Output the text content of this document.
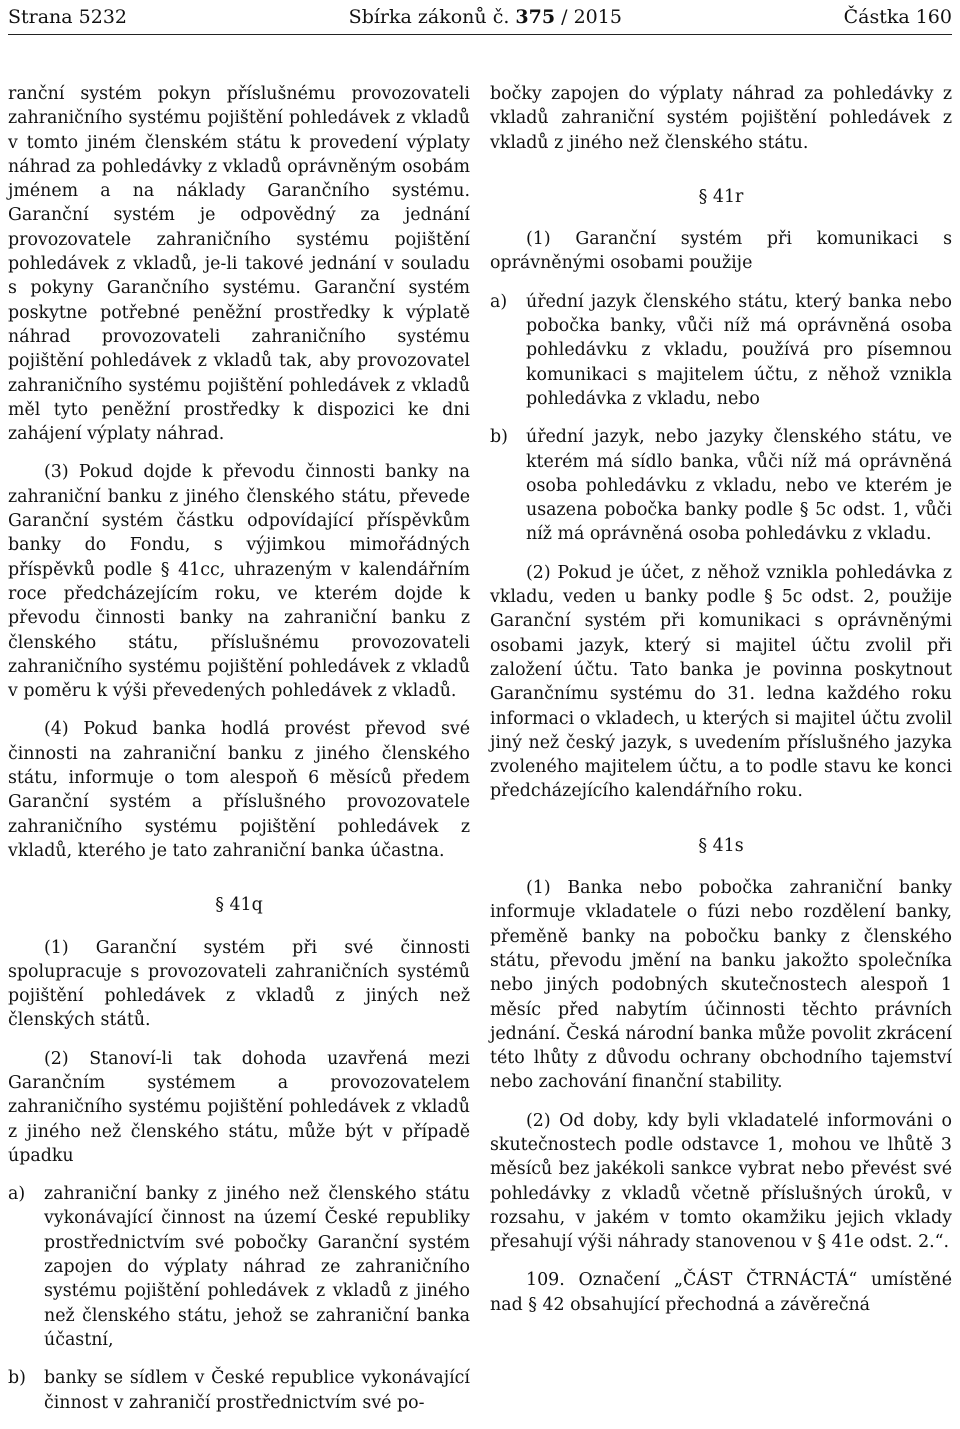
Strana 5232	Sbírka zákonů č. 375 / 2015	Částka 160

ranční systém pokyn příslušnému provozovateli zahraničního systému pojištění pohledávek z vkladů v tomto jiném členském státu k provedení výplaty náhrad za pohledávky z vkladů oprávněným osobám jménem a na náklady Garančního systému. Garanční systém je odpovědný za jednání provozovatele zahraničního systému pojištění pohledávek z vkladů, je-li takové jednání v souladu s pokyny Garančního systému. Garanční systém poskytne potřebné peněžní prostředky k výplatě náhrad provozovateli zahraničního systému pojištění pohledávek z vkladů tak, aby provozovatel zahraničního systému pojištění pohledávek z vkladů měl tyto peněžní prostředky k dispozici ke dni zahájení výplaty náhrad.

(3) Pokud dojde k převodu činnosti banky na zahraniční banku z jiného členského státu, převede Garanční systém částku odpovídající příspěvkům banky do Fondu, s výjimkou mimořádných příspěvků podle § 41cc, uhrazeným v kalendářním roce předcházejícím roku, ve kterém dojde k převodu činnosti banky na zahraniční banku z členského státu, příslušnému provozovateli zahraničního systému pojištění pohledávek z vkladů v poměru k výši převedených pohledávek z vkladů.

(4) Pokud banka hodlá provést převod své činnosti na zahraniční banku z jiného členského státu, informuje o tom alespoň 6 měsíců předem Garanční systém a příslušného provozovatele zahraničního systému pojištění pohledávek z vkladů, kterého je tato zahraniční banka účastna.

§ 41q

(1) Garanční systém při své činnosti spolupracuje s provozovateli zahraničních systémů pojištění pohledávek z vkladů z jiných než členských států.

(2) Stanoví-li tak dohoda uzavřená mezi Garančním systémem a provozovatelem zahraničního systému pojištění pohledávek z vkladů z jiného než členského státu, může být v případě úpadku

a)	zahraniční banky z jiného než členského státu vykonávající činnost na území České republiky prostřednictvím své pobočky Garanční systém zapojen do výplaty náhrad ze zahraničního systému pojištění pohledávek z vkladů z jiného než členského státu, jehož se zahraniční banka účastní,
b)	banky se sídlem v České republice vykonávající činnost v zahraničí prostřednictvím své po-

bočky zapojen do výplaty náhrad za pohledávky z vkladů zahraniční systém pojištění pohledávek z vkladů z jiného než členského státu.

§ 41r

(1) Garanční systém při komunikaci s oprávněnými osobami použije

a)	úřední jazyk členského státu, který banka nebo pobočka banky, vůči níž má oprávněná osoba pohledávku z vkladu, používá pro písemnou komunikaci s majitelem účtu, z něhož vznikla pohledávka z vkladu, nebo
b)	úřední jazyk, nebo jazyky členského státu, ve kterém má sídlo banka, vůči níž má oprávněná osoba pohledávku z vkladu, nebo ve kterém je usazena pobočka banky podle § 5c odst. 1, vůči níž má oprávněná osoba pohledávku z vkladu.

(2) Pokud je účet, z něhož vznikla pohledávka z vkladu, veden u banky podle § 5c odst. 2, použije Garanční systém při komunikaci s oprávněnými osobami jazyk, který si majitel účtu zvolil při založení účtu. Tato banka je povinna poskytnout Garančnímu systému do 31. ledna každého roku informaci o vkladech, u kterých si majitel účtu zvolil jiný než český jazyk, s uvedením příslušného jazyka zvoleného majitelem účtu, a to podle stavu ke konci předcházejícího kalendářního roku.

§ 41s

(1) Banka nebo pobočka zahraniční banky informuje vkladatele o fúzi nebo rozdělení banky, přeměně banky na pobočku banky z členského státu, převodu jmění na banku jakožto společníka nebo jiných podobných skutečnostech alespoň 1 měsíc před nabytím účinnosti těchto právních jednání. Česká národní banka může povolit zkrácení této lhůty z důvodu ochrany obchodního tajemství nebo zachování finanční stability.

(2) Od doby, kdy byli vkladatelé informováni o skutečnostech podle odstavce 1, mohou ve lhůtě 3 měsíců bez jakékoli sankce vybrat nebo převést své pohledávky z vkladů včetně příslušných úroků, v rozsahu, v jakém v tomto okamžiku jejich vklady přesahují výši náhrady stanovenou v § 41e odst. 2.“.

109. Označení „ČÁST ČTRNÁCTÁ“ umístěné nad § 42 obsahující přechodná a závěrečná
